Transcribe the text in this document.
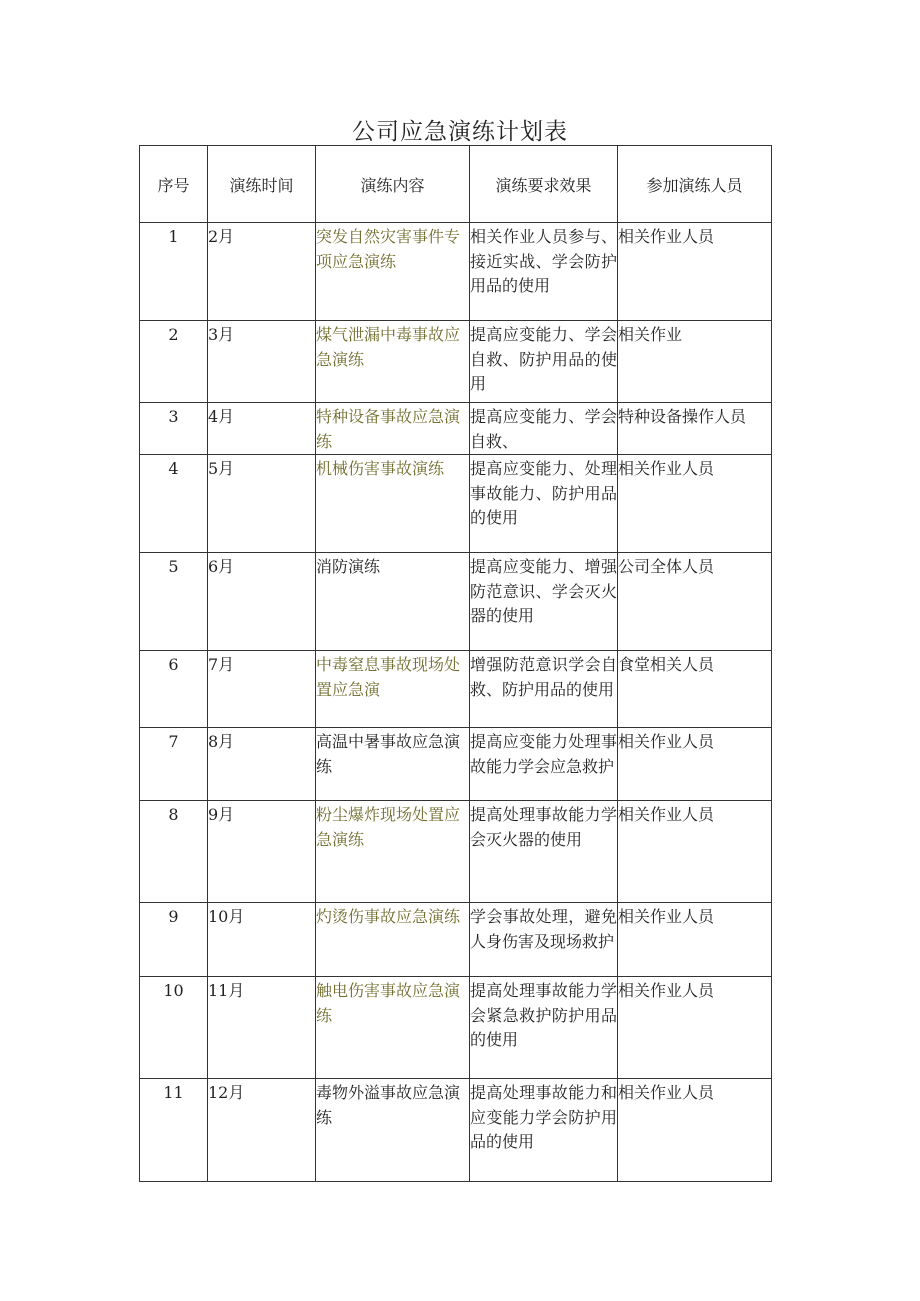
公司应急演练计划表
序号	演练时间	演练内容	演练要求效果	参加演练人员
1	2月	突发自然灾害事件专项应急演练	相关作业人员参与、接近实战、学会防护用品的使用	相关作业人员
2	3月	煤气泄漏中毒事故应急演练	提高应变能力、学会自救、防护用品的使用	相关作业
3	4月	特种设备事故应急演练	提高应变能力、学会自救、	特种设备操作人员
4	5月	机械伤害事故演练	提高应变能力、处理事故能力、防护用品的使用	相关作业人员
5	6月	消防演练	提高应变能力、增强防范意识、学会灭火器的使用	公司全体人员
6	7月	中毒窒息事故现场处置应急演	增强防范意识学会自救、防护用品的使用	食堂相关人员
7	8月	高温中暑事故应急演练	提高应变能力处理事故能力学会应急救护	相关作业人员
8	9月	粉尘爆炸现场处置应急演练	提高处理事故能力学会灭火器的使用	相关作业人员
9	10月	灼烫伤事故应急演练	学会事故处理，避免人身伤害及现场救护	相关作业人员
10	11月	触电伤害事故应急演练	提高处理事故能力学会紧急救护防护用品的使用	相关作业人员
11	12月	毒物外溢事故应急演练	提高处理事故能力和应变能力学会防护用品的使用	相关作业人员
